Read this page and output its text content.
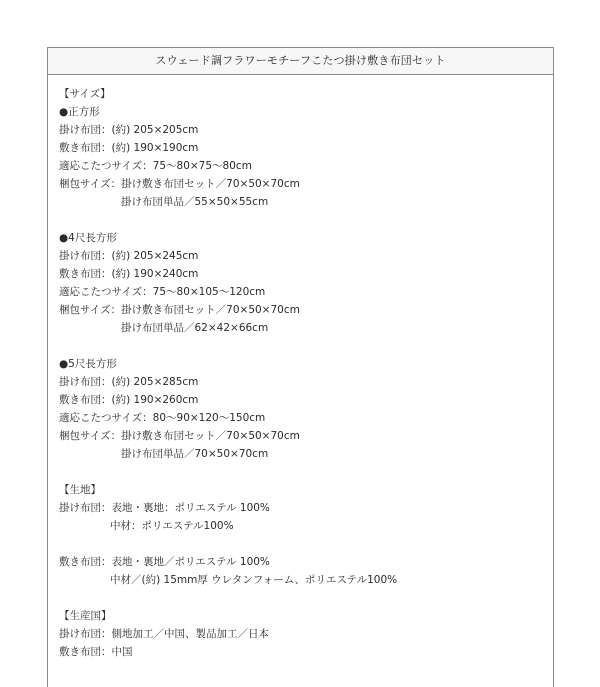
スウェード調フラワーモチーフこたつ掛け敷き布団セット
【サイズ】
●正方形
掛け布団：(約) 205×205cm
敷き布団：(約) 190×190cm
適応こたつサイズ：75～80×75～80cm
梱包サイズ：掛け敷き布団セット／70×50×70cm
掛け布団単品／55×50×55cm
●4尺長方形
掛け布団：(約) 205×245cm
敷き布団：(約) 190×240cm
適応こたつサイズ：75～80×105～120cm
梱包サイズ：掛け敷き布団セット／70×50×70cm
掛け布団単品／62×42×66cm
●5尺長方形
掛け布団：(約) 205×285cm
敷き布団：(約) 190×260cm
適応こたつサイズ：80～90×120～150cm
梱包サイズ：掛け敷き布団セット／70×50×70cm
掛け布団単品／70×50×70cm
【生地】
掛け布団：表地・裏地：ポリエステル 100%
中材：ポリエステル100%
敷き布団：表地・裏地／ポリエステル 100%
中材／(約) 15mm厚 ウレタンフォーム、ポリエステル100%
【生産国】
掛け布団：側地加工／中国、製品加工／日本
敷き布団：中国
